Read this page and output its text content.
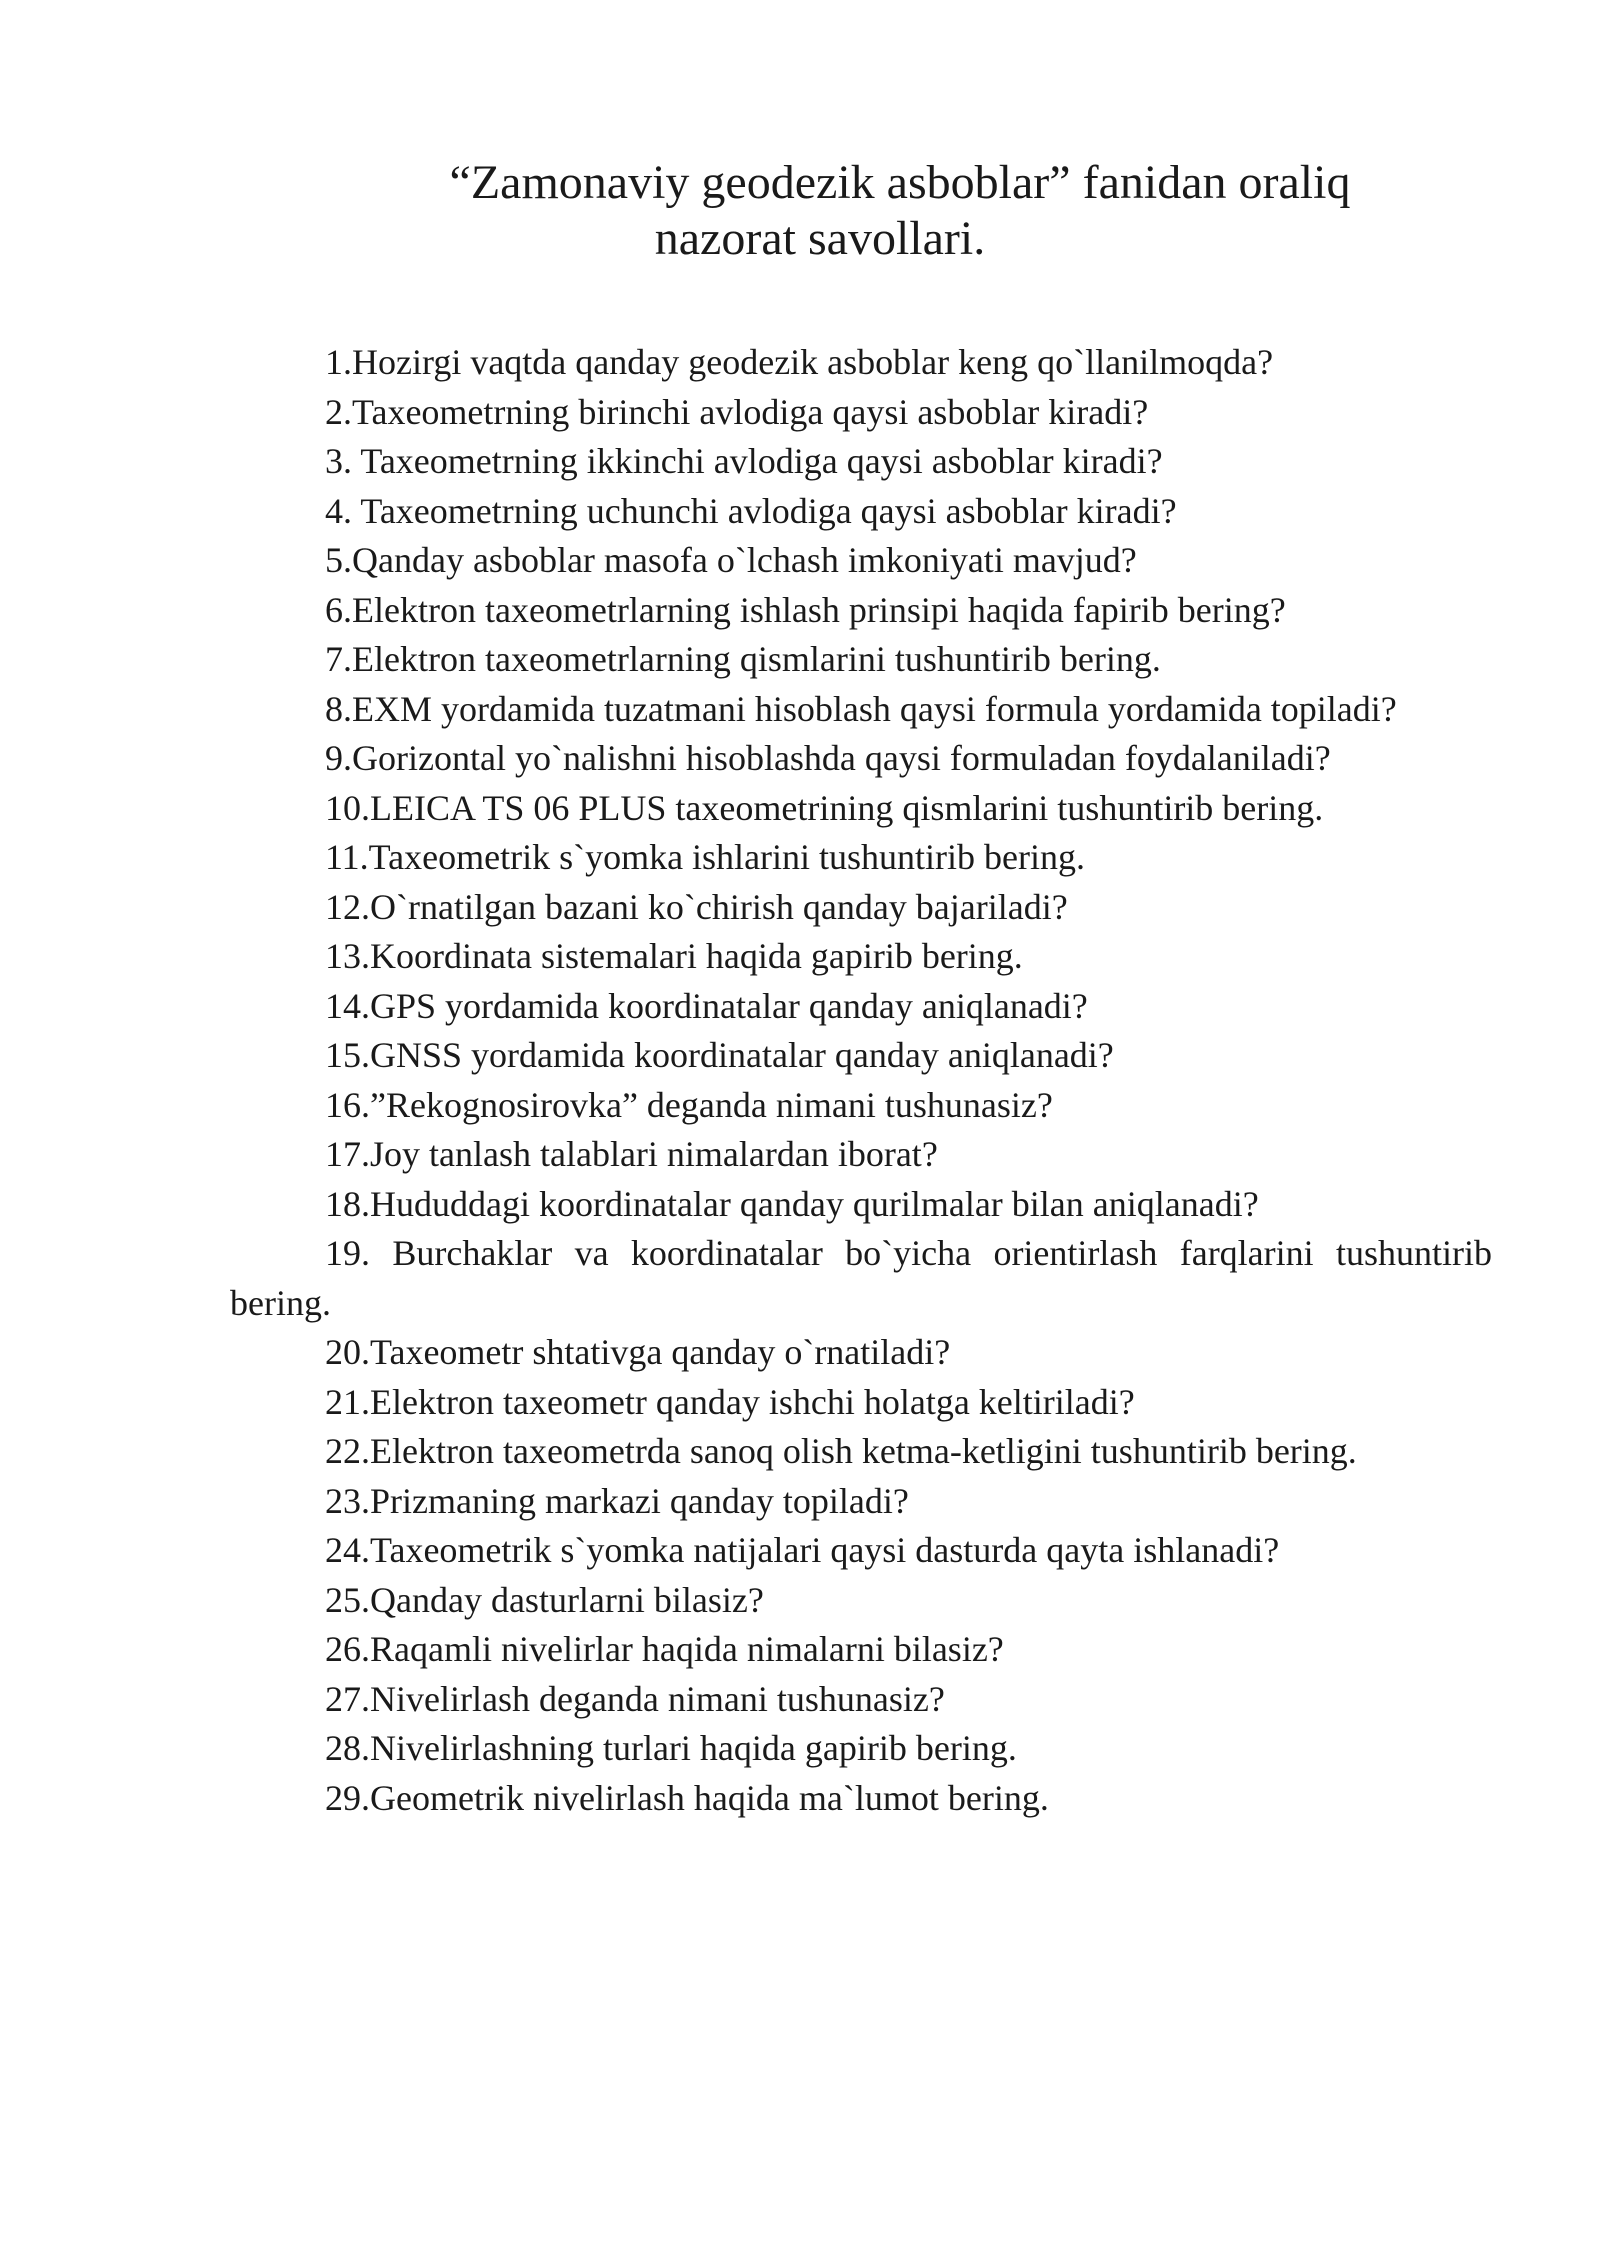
“Zamonaviy geodezik asboblar” fanidan oraliq
nazorat savollari.
1.Hozirgi vaqtda qanday geodezik asboblar keng qo`llanilmoqda?
2.Taxeometrning birinchi avlodiga qaysi asboblar kiradi?
3. Taxeometrning ikkinchi avlodiga qaysi asboblar kiradi?
4. Taxeometrning uchunchi avlodiga qaysi asboblar kiradi?
5.Qanday asboblar masofa o`lchash imkoniyati mavjud?
6.Elektron taxeometrlarning ishlash prinsipi haqida fapirib bering?
7.Elektron taxeometrlarning qismlarini tushuntirib bering.
8.EXM yordamida tuzatmani hisoblash qaysi formula yordamida topiladi?
9.Gorizontal yo`nalishni hisoblashda qaysi formuladan foydalaniladi?
10.LEICA TS 06 PLUS taxeometrining qismlarini tushuntirib bering.
11.Taxeometrik s`yomka ishlarini tushuntirib bering.
12.O`rnatilgan bazani ko`chirish qanday bajariladi?
13.Koordinata sistemalari haqida gapirib bering.
14.GPS yordamida koordinatalar qanday aniqlanadi?
15.GNSS yordamida koordinatalar qanday aniqlanadi?
16.”Rekognosirovka” deganda nimani tushunasiz?
17.Joy tanlash talablari nimalardan iborat?
18.Hududdagi koordinatalar qanday qurilmalar bilan aniqlanadi?
19. Burchaklar va koordinatalar bo`yicha orientirlash farqlarini tushuntirib bering.
20.Taxeometr shtativga qanday o`rnatiladi?
21.Elektron taxeometr qanday ishchi holatga keltiriladi?
22.Elektron taxeometrda sanoq olish ketma-ketligini tushuntirib bering.
23.Prizmaning markazi qanday topiladi?
24.Taxeometrik s`yomka natijalari qaysi dasturda qayta ishlanadi?
25.Qanday dasturlarni bilasiz?
26.Raqamli nivelirlar haqida nimalarni bilasiz?
27.Nivelirlash deganda nimani tushunasiz?
28.Nivelirlashning turlari haqida gapirib bering.
29.Geometrik nivelirlash haqida ma`lumot bering.
